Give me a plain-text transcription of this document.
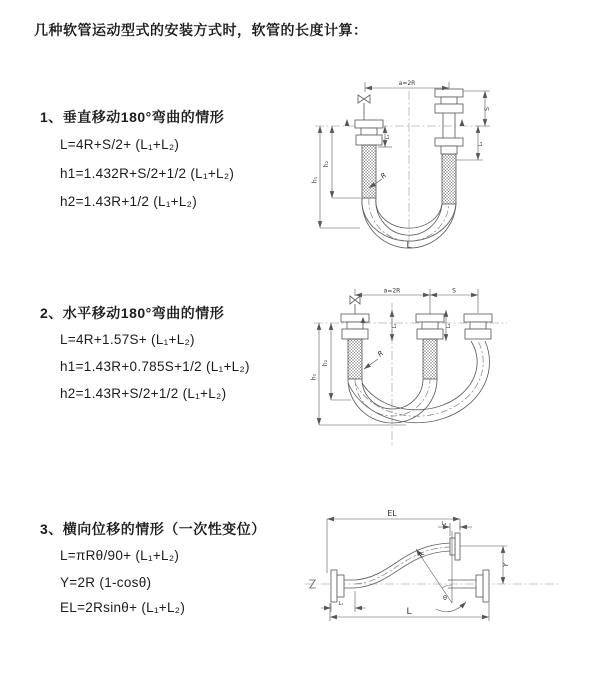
几种软管运动型式的安装方式时，软管的长度计算：
1、垂直移动180°弯曲的情形
L=4R+S/2+ (L₁+L₂)
h1=1.432R+S/2+1/2 (L₁+L₂)
h2=1.43R+1/2 (L₁+L₂)
a=2R
h₂
h₁
L₁
S
L₂
R
L
2、水平移动180°弯曲的情形
L=4R+1.57S+ (L₁+L₂)
h1=1.43R+0.785S+1/2 (L₁+L₂)
h2=1.43R+S/2+1/2 (L₁+L₂)
a=2R	S
h₂
h₁
L₁	L₂
R
3、横向位移的情形（一次性变位）
L=πRθ/90+ (L₁+L₂)
Y=2R (1-cosθ)
EL=2Rsinθ+ (L₁+L₂)
EL
L₂
Y
R
θ
L
L₁
